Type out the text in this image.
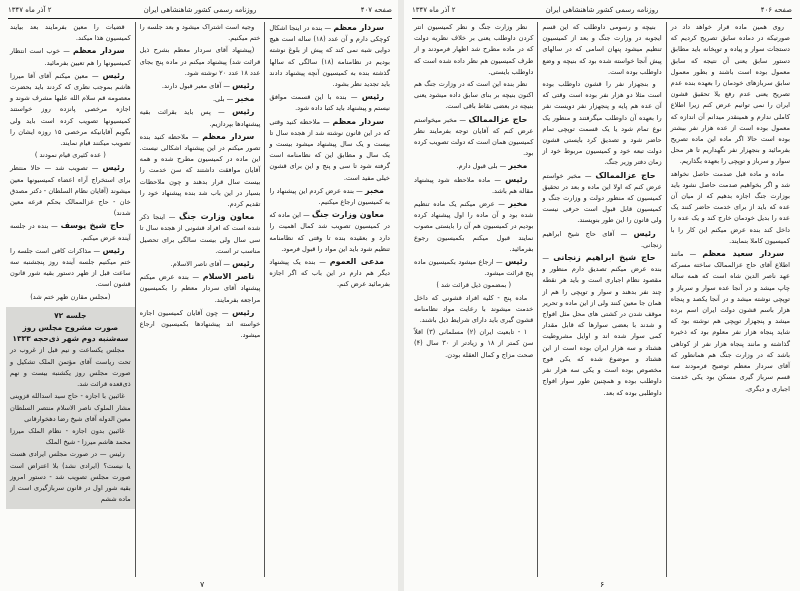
صفحه ۴۰۷
روزنامه رسمی کشور شاهنشاهی ایران
۲ آذر ماه ۱۳۴۷

سردار معظم — بنده در اینجا اشکال کوچکی دارم و آن عدد (۱۸) ساله است هیچ دوایی شبه نمی کند که پیش از بلوغ نوشته بودیم در نظامنامه (۱۸) سالگی که سالها گذشته بنده به کمیسیون آنچه پیشنهاد دادند باید تجدید نظر بشود.

رئیس — بنده با این قسمت موافق نیستم و پیشنهاد باید کتبا داده شود.

سردار معظم — ملاحظه کنید وقتی که در این قانون نوشته شد از هجده سال تا بیست و یک سال پیشنهاد میشود بیست و یک سال و مطابق این که نظامنامه است گرفته شود تا سی و پنج و این برای قشون خیلی مفید است.

مخبر — بنده عرض کردم این پیشنهاد را به کمیسیون ارجاع میکنیم.

معاون وزارت جنگ — این ماده که در کمیسیون تصویب شد کمال اهمیت را دارد و بعقیده بنده تا وقتی که نظامنامه تنظیم شود باید این مواد را قبول فرمود.

مدعی العموم — بنده یک پیشنهاد دیگر هم دارم در این باب که اگر اجازه بفرمائید عرض کنم.

وجیه است اشتراک میشود و بعد جلسه را ختم میکنیم.

(پیشنهاد آقای سردار معظم بشرح ذیل قرائت شد) پیشنهاد میکنم در ماده پنج بجای عدد ۱۸ عدد ۲۰ نوشته شود.

رئیس — آقای معبر قبول دارند.

مخبر — بلی.

رئیس — پس باید بقرائت بقیه پیشنهادها بپردازیم.

سردار معظم — ملاحظه کنید بنده تصور میکنم در این پیشنهاد اشکالی نیست. این ماده در کمیسیون مطرح شده و همه آقایان موافقت داشتند که سن خدمت را بیست سال قرار بدهند و چون ملاحظات بسیار در این باب شد بنده پیشنهاد خود را تقدیم کردم.

معاون وزارت جنگ — اینجا ذکر شده است که افراد قشونی از هجده سال تا سی سال ولی بیست سالگی برای تحصیل مناسب تر است.

رئیس — آقای ناصر الاسلام.

ناصر الاسلام — بنده عرض میکنم پیشنهاد آقای سردار معظم را بکمیسیون مراجعه بفرمایند.

رئیس — چون آقایان کمیسیون اجازه خواسته اند پیشنهادها بکمیسیون ارجاع میشود.

قضیات را معین بفرمایند بعد بیایند کمیسیون هذا میکند.

سردار معظم — خوب است انتظار کمیسیونها را هم تعیین بفرمائید.

رئیس — معین میکنم آقای آقا میرزا هاشم بموجب نظری که کردند باید بحضرت معصومه قم سلام الله علیها مشرف شوند و اجازه مرخصی پانزده روز خواستند کمیسیونها تصویب کرده است باید ولی بگویم آقایانیکه مرخصی ۱۵ روزه ایشان را تصویب میکنند قیام نمایند.

( عده کثیری قیام نمودند )

رئیس — تصویب شد — حالا منتظر برای استخراج آراء اعضاء کمیسیونها معین میشوند (آقایان نظام السلطان - دکتر مصدق خان - حاج عزالممالک بحکم قرعه معین شدند)

حاج شیخ یوسف — بنده در جلسه آینده عرض میکنم.

رئیس — مذاکرات کافی است جلسه را ختم میکنیم جلسه آینده روز پنجشنبه سه ساعت قبل از ظهر دستور بقیه شور قانون قشون است.

(مجلس مقارن ظهر ختم شد)

جلسه ۷۲

صورت مشروح مجلس روز سه‌شنبه دوم شهر ذی‌حجه ۱۳۳۳

مجلس یکساعت و نیم قبل از غروب در تحت ریاست آقای مؤتمن الملک تشکیل و صورت مجلس روز یکشنبه بیست و نهم ذی‌قعده قرائت شد.

غائبین با اجازه - حاج سید اسدالله قزوینی مشار الملوک ناصر الاسلام منتصر السلطان معین الدوله آقای شیخ رضا دهخوارقانی

غائبین بدون اجازه - نظام الملک میرزا محمد هاشم میرزا - شیخ الملک

رئیس — در صورت مجلس ایرادی هست یا نیست؟ (ایرادی نشد) بلا اعتراض است صورت مجلس تصویب شد - دستور امروز بقیه شور اول در قانون سربازگیری است از ماده ششم

۷
صفحه ۴۰۶
روزنامه رسمی کشور شاهنشاهی ایران
۲ آذر ماه ۱۳۴۷

روی همین ماده قرار خواهد داد در صورتیکه در دماده سابق تصریح کردیم که دستجات سوار و پیاده و توپخانه باید مطابق دستور سابق یعنی آن نتیجه که سابق معمول بوده است باشند و بطور معمول سابق سربازهای خودمان را بعهده بنده عدم تصریح یعنی عدم رفع یلا تحقیق قشون ایران را نمی توانیم عرض کنم زیرا اطلاع کاملی ندارم و همینقدر میدانم آن اندازه که معمول بوده است از عده هزار نفر بیشتر بوده است حالا اگر ماده این ماده تصریح بفرمائید و بنجهزار نفر نگهداریم تا هر محل سوار و سرباز و توپچی را بعهده بگذاریم.

ماده و ماده قبل صدمت حاصل نخواهد شد و اگر بخواهیم صدمت حاصل نشود باید بوزارت جنگ اجازه بدهیم که از میان آن عده که باید از برای خدمت حاضر کنند یک عده را بدیل خودمان خارج کند و یک عده را داخل کند بنده عرض میکنم این کار را با کمیسیون کاملا بنمایند.

سردار سعید معظم — مانند اطلاع آقای حاج عزالممالک ساخته مسرکه عهد ناصر الدین شاه است که همه ساله چاپ میشد و در آنجا عده سوار و سرباز و توپچی نوشته میشد و در آنجا یکصد و پنجاه هزار باسم قشون دولت ایران اسم برده میشد و پنجهزار توپچی هم نوشته بود که شاید پنجاه هزار نفر معلوم بود که ذخیره گذاشته و مانند پنجاه هزار نفر از کوتاهی باشد که در وزارت جنگ هم همانطور که آقای سردار معظم توضیح فرمودند سه قسم سرباز گیری مسکن بود یکی خدمت اجباری و دیگری.

بنیچه و رسومی داوطلب که این قسم ایجوبه در وزارت جنگ و بعد از کمیسیون تنظیم میشود پنهان اسامی که در سالهای پیش آنجا خواسته شده بود که بنیچه و وضع داوطلب بوده است.

و بنجهزار نفر را قشون داوطلب بوده است مثلا دو هزار نفر بوده است وقتی که آن عده هم پایه و پنجهزار نفر دویست نفر را بعهده آن داوطلب میگرفتند و منظور یک نوع تمام شود یا یک قسمت توپچی تمام حاضر شود و تصدیق کرد بایستی قشون دولت تبعه خود و کمیسیون مربوط خود از زمان دفتر وزیر جنگ.

حاج عزالممالک — مخبر خواستم عرض کنم که اولا این ماده و بعد در تحقیق کمیسیون که منظور دولت و وزارت جنگ و کمیسیون قابل قبول است حرفی نیست ولی قانون را این طور بنویسند.

رئیس — آقای حاج شیخ ابراهیم زنجانی.

حاج شیخ ابراهیم زنجانی — بنده عرض میکنم تصدیق دارم منظور و مقصود نظام اجباری است و باید هر نقطه چند نفر بدهند و سوار و توپچی را هم از همان جا معین کنند ولی از این ماده و تحریر موقف شدن در کشتی های محل مثل افواج و شدند با بعضی سوارها که قابل مقدار کمی سوار شده اند و اوایل مشروطیت هشتاد و سه هزار ایران بوده است از این هشتاد و موضوع شده که یکی فوج مخصوص بوده است و یکی سه هزار نفر داوطلب بوده و همچنین طور سوار افواج داوطلبی بوده که بعد.

نظر وزارت جنگ و نظر کمیسیون انتر کردن داوطلب یعنی بر خلاف نظریه دولت که در ماده مطرح شد اظهار فرمودند و از طرف کمیسیون هم نظر داده شده است که داوطلب بایستی.

نظر بنده این است که در وزارت جنگ هم اکنون بنیچه بر بنای سابق داده میشود یعنی بنیچه در بعضی نقاط باقی است.

حاج عزالممالک — مخبر میخواستم عرض کنم که آقایان توجه بفرمایند نظر کمیسیون همان است که دولت تصویب کرده بود.

مخبر — بلی قبول دارم.

رئیس — ماده ملاحظه شود پیشنهاد مقاله هم باشد.

مخبر — عرض میکنم یک ماده تنظیم شده بود و آن ماده را اول پیشنهاد کرده بودیم در کمیسیون هم آن را بایستی مصوب نمایند قبول میکنم بکمیسیون رجوع بفرمائید.

رئیس — ارجاع میشود بکمیسیون ماده پنج قرائت میشود.

( بمضمون ذیل قرائت شد )

ماده پنج - کلیه افراد قشونی که داخل خدمت میشوند با رعایت مواد نظامنامه قشون گیری باید دارای شرایط ذیل باشند.

۱ - تابعیت ایران (۲) مسلمانی (۳) اقلاً سن کمتر از ۱۸ و زیادتر از ۳۰ سال (۴) صحت مزاج و کمال العقله بودن.

۶
